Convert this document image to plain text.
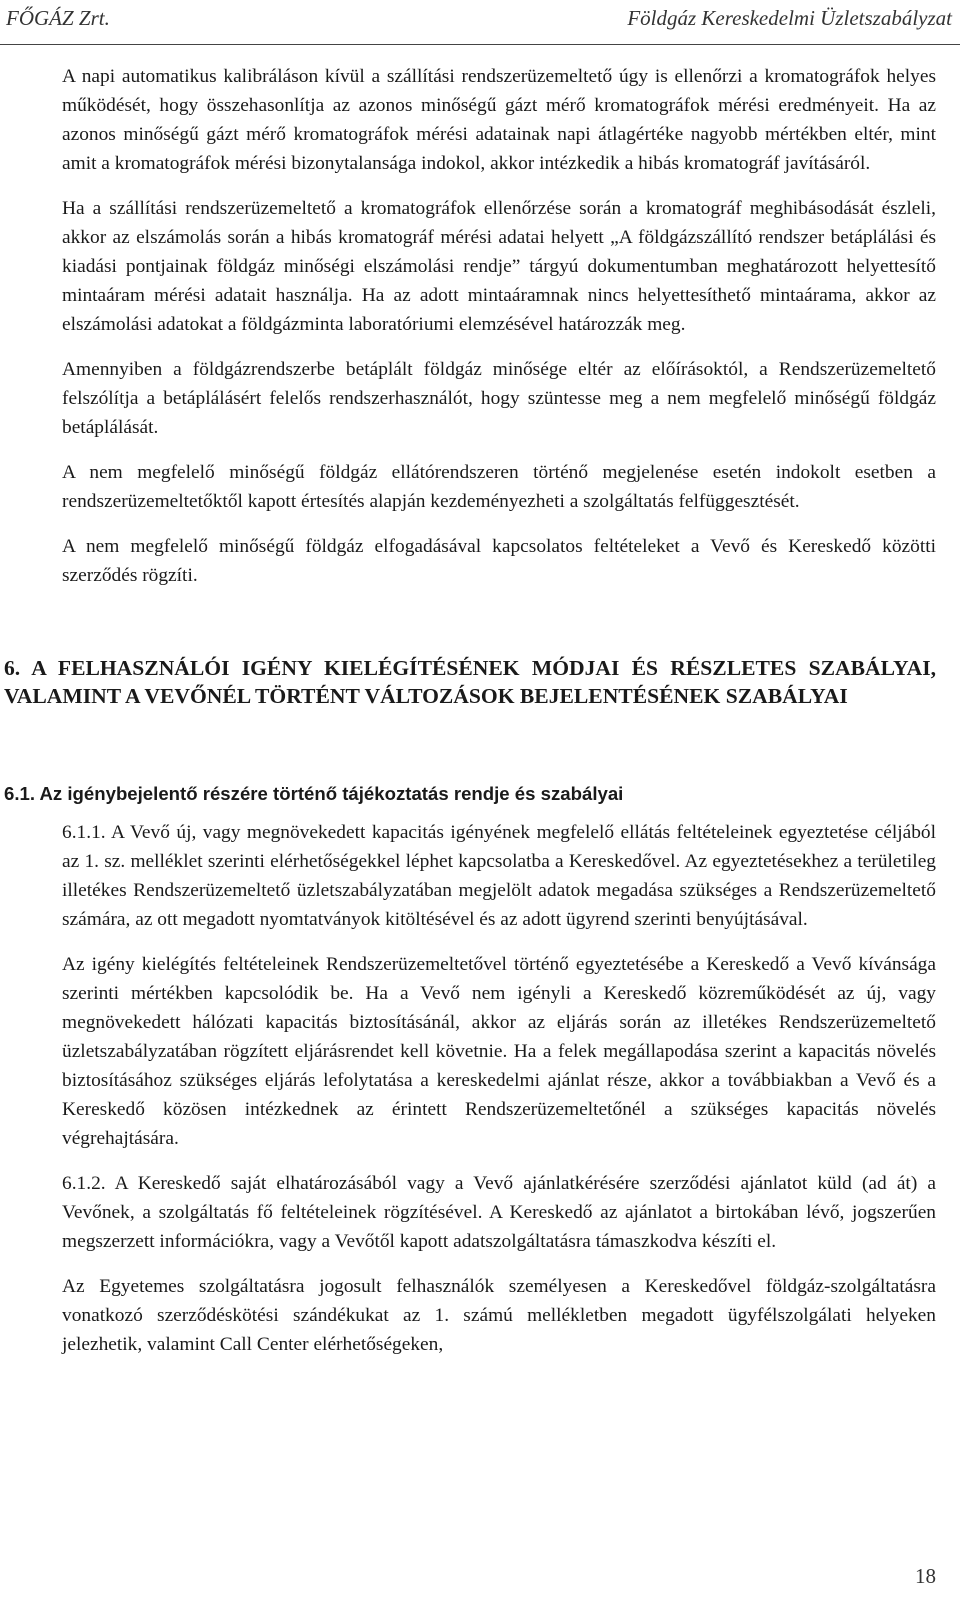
FŐGÁZ Zrt.	Földgáz Kereskedelmi Üzletszabályzat

A napi automatikus kalibráláson kívül a szállítási rendszerüzemeltető úgy is ellenőrzi a kromatográfok helyes működését, hogy összehasonlítja az azonos minőségű gázt mérő kromatográfok mérési eredményeit. Ha az azonos minőségű gázt mérő kromatográfok mérési adatainak napi átlagértéke nagyobb mértékben eltér, mint amit a kromatográfok mérési bizonytalansága indokol, akkor intézkedik a hibás kromatográf javításáról.

Ha a szállítási rendszerüzemeltető a kromatográfok ellenőrzése során a kromatográf meghibásodását észleli, akkor az elszámolás során a hibás kromatográf mérési adatai helyett „A földgázszállító rendszer betáplálási és kiadási pontjainak földgáz minőségi elszámolási rendje” tárgyú dokumentumban meghatározott helyettesítő mintaáram mérési adatait használja. Ha az adott mintaáramnak nincs helyettesíthető mintaárama, akkor az elszámolási adatokat a földgázminta laboratóriumi elemzésével határozzák meg.

Amennyiben a földgázrendszerbe betáplált földgáz minősége eltér az előírásoktól, a Rendszerüzemeltető felszólítja a betáplálásért felelős rendszerhasználót, hogy szüntesse meg a nem megfelelő minőségű földgáz betáplálását.

A nem megfelelő minőségű földgáz ellátórendszeren történő megjelenése esetén indokolt esetben a rendszerüzemeltetőktől kapott értesítés alapján kezdeményezheti a szolgáltatás felfüggesztését.

A nem megfelelő minőségű földgáz elfogadásával kapcsolatos feltételeket a Vevő és Kereskedő közötti szerződés rögzíti.

6. A FELHASZNÁLÓI IGÉNY KIELÉGÍTÉSÉNEK MÓDJAI ÉS RÉSZLETES SZABÁLYAI, VALAMINT A VEVŐNÉL TÖRTÉNT VÁLTOZÁSOK BEJELENTÉSÉNEK SZABÁLYAI
6.1. Az igénybejelentő részére történő tájékoztatás rendje és szabályai

6.1.1. A Vevő új, vagy megnövekedett kapacitás igényének megfelelő ellátás feltételeinek egyeztetése céljából az 1. sz. melléklet szerinti elérhetőségekkel léphet kapcsolatba a Kereskedővel. Az egyeztetésekhez a területileg illetékes Rendszerüzemeltető üzletszabályzatában megjelölt adatok megadása szükséges a Rendszerüzemeltető számára, az ott megadott nyomtatványok kitöltésével és az adott ügyrend szerinti benyújtásával.

Az igény kielégítés feltételeinek Rendszerüzemeltetővel történő egyeztetésébe a Kereskedő a Vevő kívánsága szerinti mértékben kapcsolódik be. Ha a Vevő nem igényli a Kereskedő közreműködését az új, vagy megnövekedett hálózati kapacitás biztosításánál, akkor az eljárás során az illetékes Rendszerüzemeltető üzletszabályzatában rögzített eljárásrendet kell követnie. Ha a felek megállapodása szerint a kapacitás növelés biztosításához szükséges eljárás lefolytatása a kereskedelmi ajánlat része, akkor a továbbiakban a Vevő és a Kereskedő közösen intézkednek az érintett Rendszerüzemeltetőnél a szükséges kapacitás növelés végrehajtására.

6.1.2. A Kereskedő saját elhatározásából vagy a Vevő ajánlatkérésére szerződési ajánlatot küld (ad át) a Vevőnek, a szolgáltatás fő feltételeinek rögzítésével. A Kereskedő az ajánlatot a birtokában lévő, jogszerűen megszerzett információkra, vagy a Vevőtől kapott adatszolgáltatásra támaszkodva készíti el.

Az Egyetemes szolgáltatásra jogosult felhasználók személyesen a Kereskedővel földgáz-szolgáltatásra vonatkozó szerződéskötési szándékukat az 1. számú mellékletben megadott ügyfélszolgálati helyeken jelezhetik, valamint Call Center elérhetőségeken,

18
